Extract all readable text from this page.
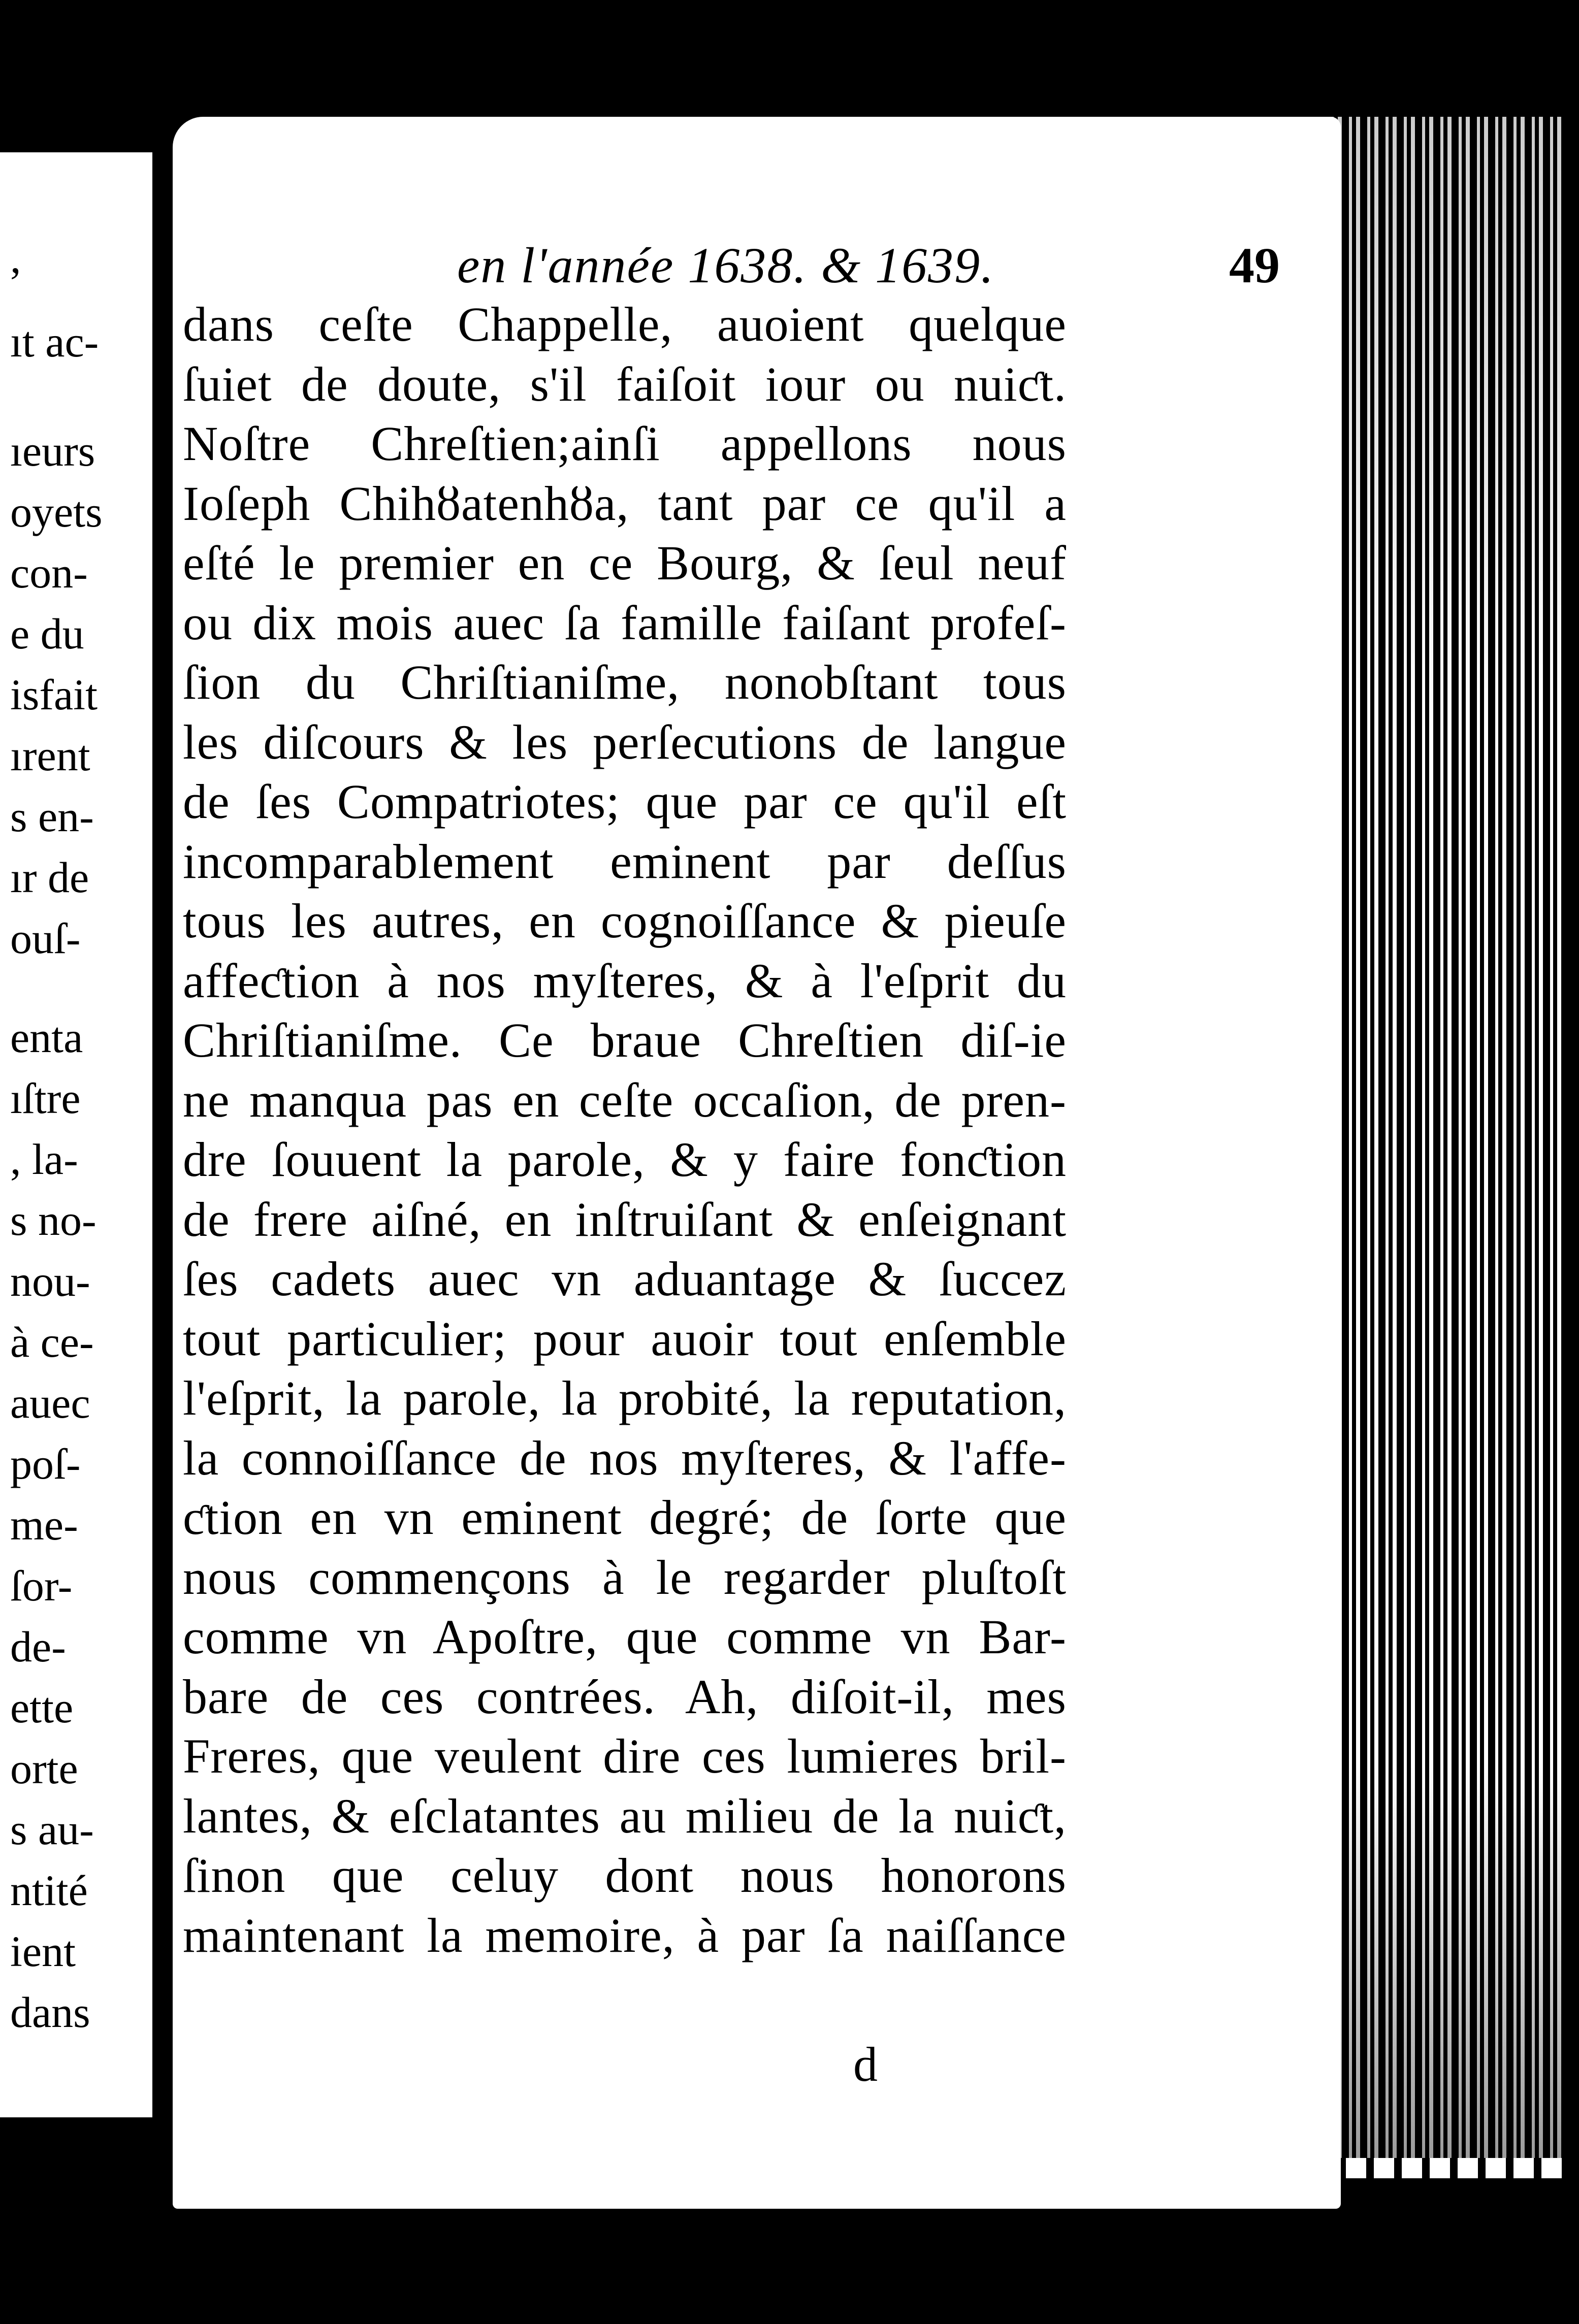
,
ıt ac-
ıeurs
oyets
con-
e du
isfait
ırent
s en-
ır de
ouſ-
enta
ıſtre
, la-
s no-
nou-
à ce-
auec
poſ-
me-
ſor-
de-
ette
orte
s au-
ntité
ient
dans
en l'année 1638. & 1639.	49
dans ceſte Chappelle, auoient quelque
ſuiet de doute, s'il faiſoit iour ou nuiƈt.
Noſtre Chreſtien;ainſi appellons nous
Ioſeph Chihȣatenhȣa, tant par ce qu'il a
eſté le premier en ce Bourg, & ſeul neuf
ou dix mois auec ſa famille faiſant profeſ-
ſion du Chriſtianiſme, nonobſtant tous
les diſcours & les perſecutions de langue
de ſes Compatriotes; que par ce qu'il eſt
incomparablement eminent par deſſus
tous les autres, en cognoiſſance & pieuſe
affeƈtion à nos myſteres, & à l'eſprit du
Chriſtianiſme. Ce braue Chreſtien diſ-ie
ne manqua pas en ceſte occaſion, de pren-
dre ſouuent la parole, & y faire fonƈtion
de frere aiſné, en inſtruiſant & enſeignant
ſes cadets auec vn aduantage & ſuccez
tout particulier; pour auoir tout enſemble
l'eſprit, la parole, la probité, la reputation,
la connoiſſance de nos myſteres, & l'affe-
ƈtion en vn eminent degré; de ſorte que
nous commençons à le regarder pluſtoſt
comme vn Apoſtre, que comme vn Bar-
bare de ces contrées. Ah, diſoit-il, mes
Freres, que veulent dire ces lumieres bril-
lantes, & eſclatantes au milieu de la nuiƈt,
ſinon que celuy dont nous honorons
maintenant la memoire, à par ſa naiſſance
d
